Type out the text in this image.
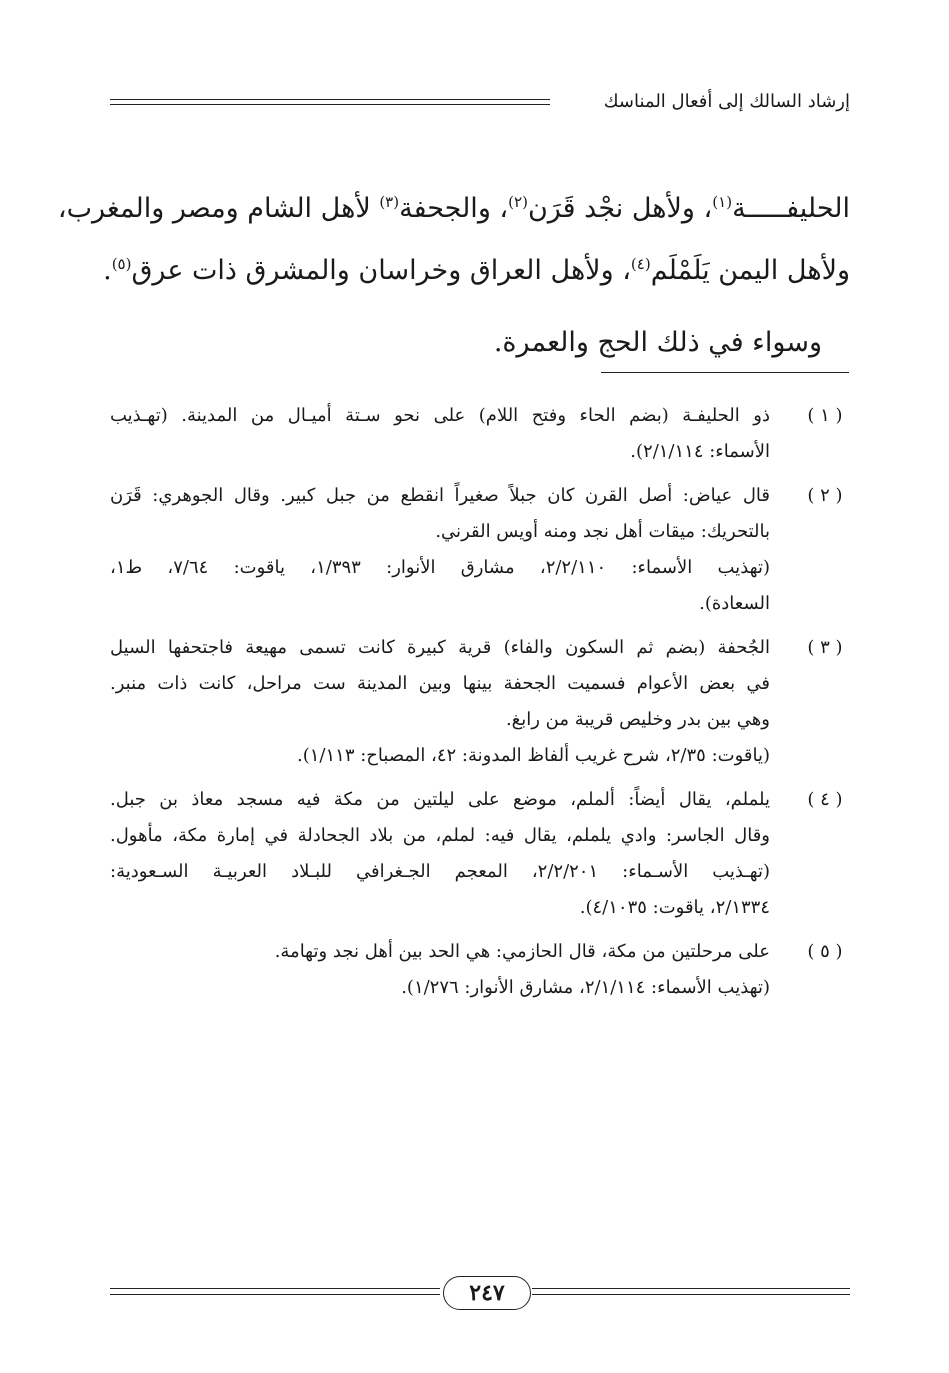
إرشاد السالك إلى أفعال المناسك
الحليفـــــة$^{(١)}$، ولأهل نجْد قَرَن$^{(٢)}$، والجحفة$^{(٣)}$ لأهل الشام ومصر والمغرب،
ولأهل اليمن يَلَمْلَم$^{(٤)}$، ولأهل العراق وخراسان والمشرق ذات عرق$^{(٥)}$.
وسواء في ذلك الحج والعمرة.
( ١ )
ذو الحليفـة (بضم الحاء وفتح اللام) على نحو سـتة أميـال من المدينة. (تهـذيب
الأسماء: ٢/١/١١٤).
( ٢ )
قال عياض: أصل القرن كان جبلاً صغيراً انقطع من جبل كبير. وقال الجوهري: قَرَن
بالتحريك: ميقات أهل نجد ومنه أويس القرني.
(تهذيب الأسماء: ٢/٢/١١٠، مشارق الأنوار: ١/٣٩٣، ياقوت: ٧/٦٤، ط١،
السعادة).
( ٣ )
الجُحفة (بضم ثم السكون والفاء) قرية كبيرة كانت تسمى مهيعة فاجتحفها السيل
في بعض الأعوام فسميت الجحفة بينها وبين المدينة ست مراحل، كانت ذات منبر.
وهي بين بدر وخليص قريبة من رابغ.
(ياقوت: ٢/٣٥، شرح غريب ألفاظ المدونة: ٤٢، المصباح: ١/١١٣).
( ٤ )
يلملم، يقال أيضاً: ألملم، موضع على ليلتين من مكة فيه مسجد معاذ بن جبل.
وقال الجاسر: وادي يلملم، يقال فيه: لملم، من بلاد الجحادلة في إمارة مكة، مأهول.
(تهـذيب الأسـماء: ٢/٢/٢٠١، المعجم الجـغرافي للبـلاد العربيـة السـعودية:
٢/١٣٣٤، ياقوت: ٤/١٠٣٥).
( ٥ )
على مرحلتين من مكة، قال الحازمي: هي الحد بين أهل نجد وتهامة.
(تهذيب الأسماء: ٢/١/١١٤، مشارق الأنوار: ١/٢٧٦).
٢٤٧
